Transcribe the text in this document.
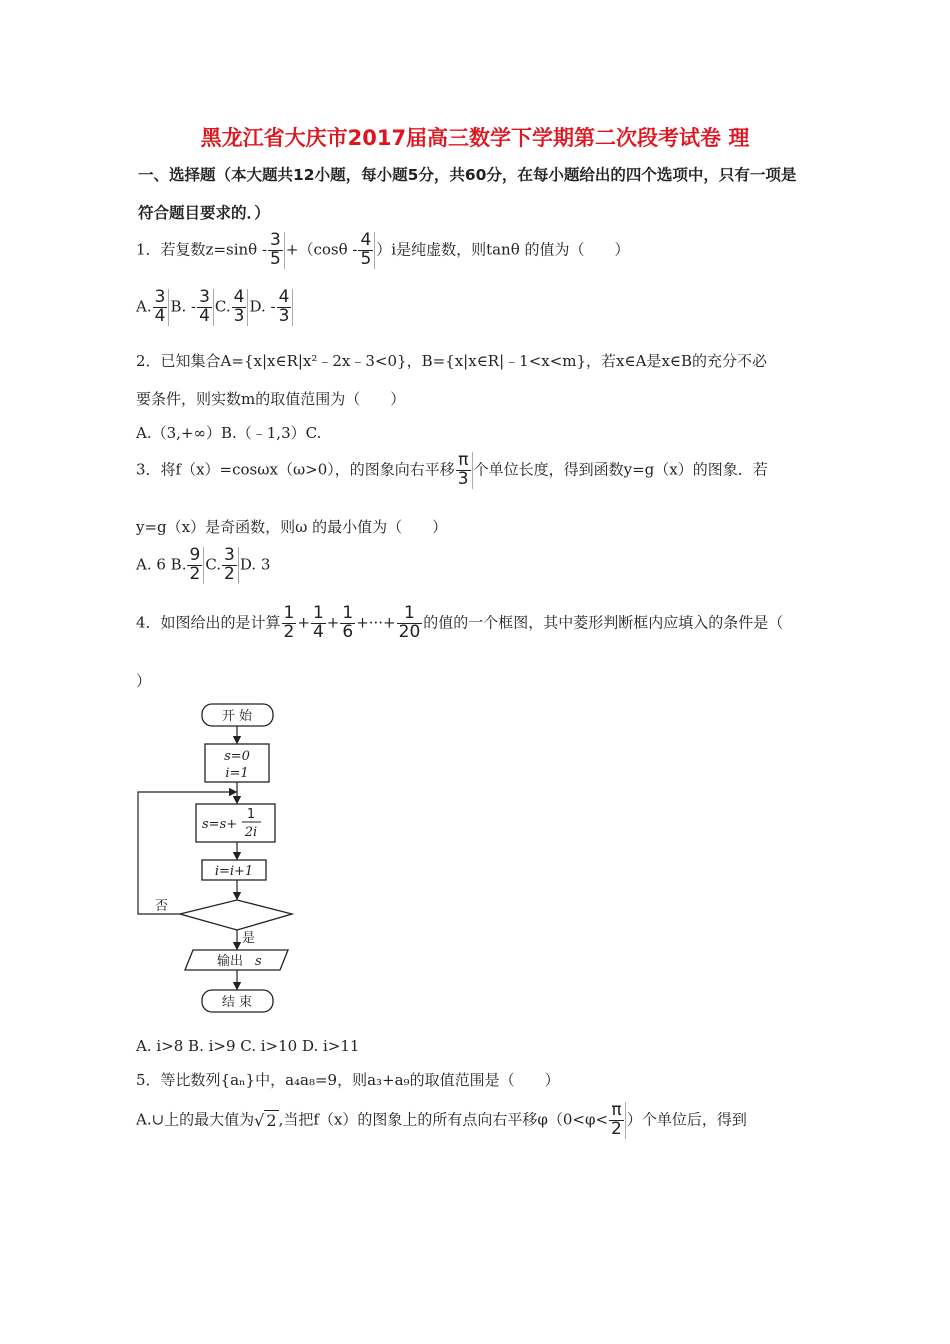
黑龙江省大庆市2017届高三数学下学期第二次段考试卷 理
一、选择题（本大题共12小题，每小题5分，共60分，在每小题给出的四个选项中，只有一项是
符合题目要求的．）
1．若复数$z=\sin\theta - \frac{3}{5} +(\cos\theta - \frac{4}{5} )i$是纯虚数，则tanθ 的值为（　　）
A. $\frac{3}{4} B$. - $\frac{3}{4} C$. $\frac{4}{3} D$. - $\frac{4}{3}$
2．已知集合A={x|x∈R|x²﹣2x﹣3<0}，B={x|x∈R|﹣1<x<m}，若x∈A是x∈B的充分不必
要条件，则实数m的取值范围为（　　）
A.（3,+∞）B.（﹣1,3）C.
3．将f（x）=cosωx（ω>0），的图象向右平移 $\frac{\pi}{3}$ 个单位长度，得到函数y=g（x）的图象．若
y=g（x）是奇函数，则ω 的最小值为（　　）
A. 6 B. $\frac{9}{2} C$. $\frac{3}{2} D$. 3
4．如图给出的是计算 $\frac{1}{2} + \frac{1}{4} + \frac{1}{6}$ +···+ $\frac{1}{20}$ 的值的一个框图，其中菱形判断框内应填入的条件是（
）
开 始
s=0
i=1
s=s+
1
2i
i=i+1
否
是
输出 s
结 束
A. i>8 B. i>9 C. i>10 D. i>11
5．等比数列{aₙ}中，a₄a₈=9，则a₃+a₉的取值范围是（　　）
A.∪上的最大值为√ 2 ,当把f（x）的图象上的所有点向右平移$\varphi(0<\varphi< \frac{\pi}{2}$ ）个单位后，得到
